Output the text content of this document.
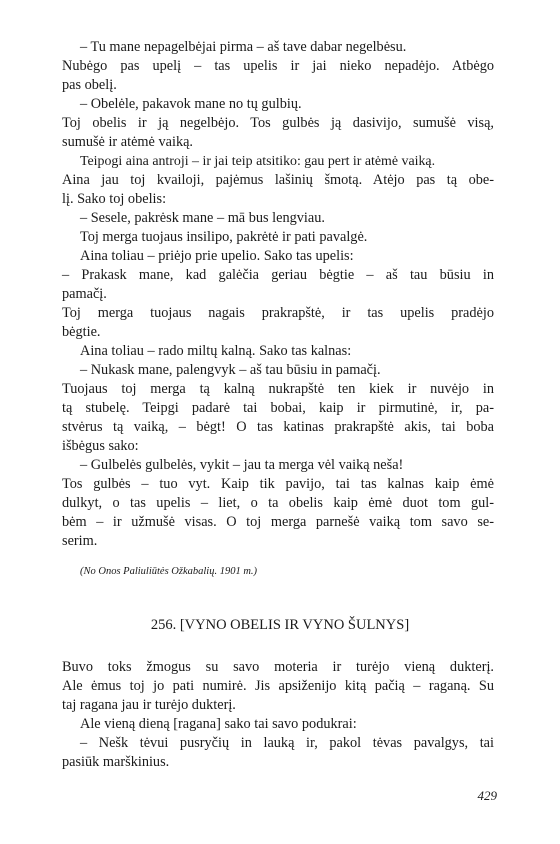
– Tu mane nepagelbėjai pirma – aš tave dabar negelbėsu.
Nubėgo pas upelį – tas upelis ir jai nieko nepadėjo. Atbėgo
pas obelį.
– Obelėle, pakavok mane no tų gulbių.
Toj obelis ir ją negelbėjo. Tos gulbės ją dasivijo, sumušė visą,
sumušė ir atėmė vaiką.
Teipogi aina antroji – ir jai teip atsitiko: gau pert ir atėmė vaiką.
Aina jau toj kvailoji, pajėmus lašinių šmotą. Atėjo pas tą obe-
lį. Sako toj obelis:
– Sesele, pakrėsk mane – mā bus lengviau.
Toj merga tuojaus insilipo, pakrėtė ir pati pavalgė.
Aina toliau – priėjo prie upelio. Sako tas upelis:
– Prakask mane, kad galėčia geriau bėgtie – aš tau būsiu in
pamačį.
Toj merga tuojaus nagais prakrapštė, ir tas upelis pradėjo
bėgtie.
Aina toliau – rado miltų kalną. Sako tas kalnas:
– Nukask mane, palengvyk – aš tau būsiu in pamačį.
Tuojaus toj merga tą kalną nukrapštė ten kiek ir nuvėjo in
tą stubelę. Teipgi padarė tai bobai, kaip ir pirmutinė, ir, pa-
stvėrus tą vaiką, – bėgt! O tas katinas prakrapštė akis, tai boba
išbėgus sako:
– Gulbelės gulbelės, vykit – jau ta merga vėl vaiką neša!
Tos gulbės – tuo vyt. Kaip tik pavijo, tai tas kalnas kaip ėmė
dulkyt, o tas upelis – liet, o ta obelis kaip ėmė duot tom gul-
bėm – ir užmušė visas. O toj merga parnešė vaiką tom savo se-
serim.
(No Onos Paliuliūtės Ožkabalių. 1901 m.)
256. [VYNO OBELIS IR VYNO ŠULNYS]
Buvo toks žmogus su savo moteria ir turėjo vieną dukterį.
Ale ėmus toj jo pati numirė. Jis apsiženijo kitą pačią – raganą. Su
taj ragana jau ir turėjo dukterį.
Ale vieną dieną [ragana] sako tai savo podukrai:
– Nešk tėvui pusryčių in lauką ir, pakol tėvas pavalgys, tai
pasiūk marškinius.
429
